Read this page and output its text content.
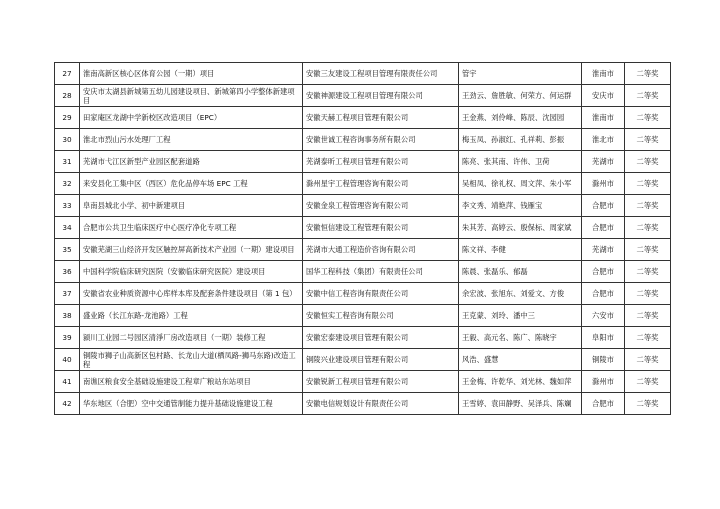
27	淮南高新区核心区体育公园（一期）项目	安徽三友建设工程项目管理有限责任公司	管宇	淮南市	二等奖
28	安庆市太湖县新城第五幼儿园建设项目、新城第四小学整体新建项目	安徽神源建设工程项目管理有限公司	王劲云、詹胜敏、何荣方、何运群	安庆市	二等奖
29	田家庵区龙湖中学新校区改造项目（EPC）	安徽天赫工程项目管理有限公司	王金燕、刘伶峰、陈辰、沈园园	淮南市	二等奖
30	淮北市烈山污水处理厂工程	安徽世诚工程咨询事务所有限公司	梅玉凤、孙淑红、孔祥莉、彭振	淮北市	二等奖
31	芜湖市弋江区新型产业园区配套道路	芜湖泰昕工程项目管理有限公司	陈亮、张其南、许伟、卫荷	芜湖市	二等奖
32	来安县化工集中区（西区）危化品停车场 EPC 工程	滁州星宇工程管理咨询有限公司	吴相凤、徐礼权、周文萍、朱小军	滁州市	二等奖
33	阜南县城北小学、初中新建项目	安徽金泉工程管理咨询有限公司	李文秀、靖艳萍、钱雁宝	合肥市	二等奖
34	合肥市公共卫生临床医疗中心医疗净化专项工程	安徽恒信建设工程管理有限公司	朱其芳、高婷云、殷保标、周家斌	合肥市	二等奖
35	安徽芜湖三山经济开发区触控屏高新技术产业园（一期）建设项目	芜湖市大通工程造价咨询有限公司	陈文祥、李健	芜湖市	二等奖
36	中国科学院临床研究医院（安徽临床研究医院）建设项目	国华工程科技（集团）有限责任公司	陈晨、张磊乐、郁磊	合肥市	二等奖
37	安徽省农业种质资源中心库样本库及配套条件建设项目（第 1 包）	安徽中信工程咨询有限责任公司	余宏波、张旭东、刘爱文、方俊	合肥市	二等奖
38	盛业路（长江东路-龙池路）工程	安徽恒实工程咨询有限公司	王克蒙、刘玲、潘中三	六安市	二等奖
39	颍川工业园二号园区清淨厂房改造项目（一期）装修工程	安徽宏泰建设项目管理有限公司	王毅、高元名、陈广、陈晓宇	阜阳市	二等奖
40	铜陵市狮子山高新区包村路、长龙山大道(栖凤路-狮马东路)改造工程	铜陵兴业建设项目管理有限公司	风浩、盛慧	铜陵市	二等奖
41	南谯区粮食安全基础设施建设工程章广粮站东站项目	安徽锐新工程项目管理有限公司	王金梅、许乾华、刘光林、魏如萍	滁州市	二等奖
42	华东地区（合肥）空中交通管制能力提升基础设施建设工程	安徽电信规划设计有限责任公司	王雪婷、袁田静野、吴泽兵、陈斓	合肥市	二等奖
